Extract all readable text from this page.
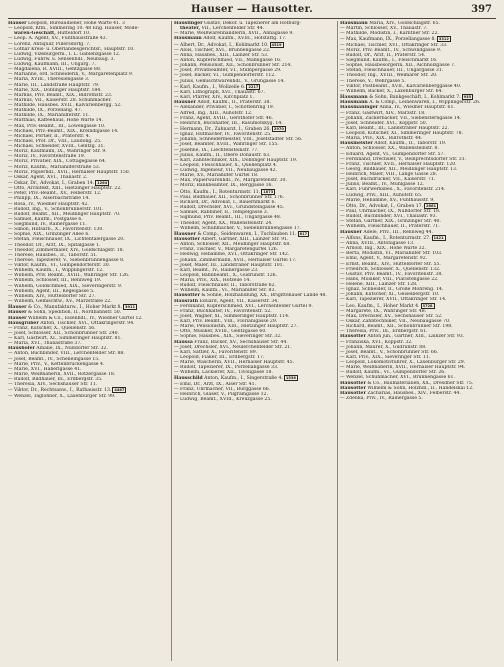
Hauser — Hausotter.	397
Hauser Leopold, Bureaudiener, Hohe Warte 41. 3
— Leopold, Kfm., Simmering 10. 48 Eng. Hauser, Mode-
waren-Geschäft, Hütteldorf 10.
— Leop. A. Agent, XV., Fünfhausstraße 43.
— Lorenz, Antiquar, Pillersdorfg. 7.
— Lothar Kreis- u. Oberlandesgerichtsr., Hauptstr. 10.
— Ludwig, Vizebürgerm., I. L. Gablenzgasse 12.
— Ludwig, Fuhrw. u. Sensenhdl., Neubaug. 3.
— Ludwig, Kaufmann, III., Ungarg. 7.
— Magdalena, R. XVIII., Gentzgasse 88.
— Marianne, ord. Schneiderin, V., Margaretenplatz 9.
— Maria, XVIII., Theresiengasse 3.
— Marie, III., Landstraße Hauptstr. 79.
— Marie, XIX., Döblinger Hauptstr. 184.
— Markus, Priv. Beamt., XIX., Billrothstr. 23.
— Markus, VII., Kaiserstr. 28. Schuhmacher.
— Mathilde, Hausbes. XVII., Kalvarienbergg. 52.
— Mathilde, IX., Porzellang. 47.
— Mathilde, IX., Mariahilferstr. 11.
— Matthias, Kaffeehaus, Hohe Warte 14.
— Max, Priv.-Beamt., III., Löwengasse 10.
— Michael, Priv.-Beamt., XIX., Kreindlgasse 14.
— Michael, Portier, II., Praterstr. 4.
— Michael, Prof. Dr., VIII., Laudong. 25.
— Michael, Schneider, XVIII., Gentzg. 31.
— Moriz, Kaufmann, IX., Währinger Str. 9.
— Moriz, IV., Favoritenstraße 19.
— Moriz, Privatier, XIX., Cottagegasse 64.
— Moriz, Kaufm., Mariahilferstraße 53.
— Moriz, Papierhdl., XVII., Hernalser Hauptstr. 150.
— Oskar, Agent, XVI., Thaliastr. 2.
— Oskar, Dr., Advokat, I., Graben 14. 1264
— Otto, Architekt, XIII., Hietzinger Hauptstr. 22.
— Peter, Priv.-Beamt., XV., Felberstr. 12.
— Philipp, IX., Alserbachstraße 14.
— Rosa, IV., Wiedner Hauptstr. 42.
— Rudolf, Ing., V., Schönbrunnerstr. 101.
— Rudolf, Beamt., XII., Meidlinger Hauptstr. 70.
— Samuel, Kaufm., Postgasse 6.
— Siegmund, IV., Rainergasse 11.
— Simon, Hilfsarb., X., Favoritenstr. 130.
— Sophie, XIX., Grinzinger Allee 6.
— Stefan, Fleischhauer, IX., Lichtentalergasse 20.
— Theodor, Dr., Arzt, IX., Spitalgasse 1.
— Theodor, Zimmermaler, XIV., Goldschlagstr. 18.
— Therese, Hausbes., II., Taborstr. 51.
— Therese, Tapezierer, V., Siebenbrunnengasse 8.
— Viktor, Kaufm., VI., Gumpendorferstr. 30.
— Wilhelm, Kaufm., I., Wipplingerstr. 12.
— Wilhelm, Priv. Beamt., XVIII., Währinger Str. 126.
— Wilhelm, Schlosser, III., Rennweg 19.
— Wilhelm, Goldschmied, XIX., Sieveringerstr. 9.
— Wilhelm, Agent, III., Kegelgasse 5.
— Wilhelm, XIV., Hütteldorfer Str. 27.
— Wilhelm, Gemischtw., XV., Märzstraße 22.
Hauser & Co., Manufakturw., I., Hoher Markt 8. 3911
Hauser & Sohn, Spedition, II., Nordbahnstr. 50.
Hauser Wilhelm & Co., Eisenhdl., IV., Wiedner Gürtel 12.
Hausgruber Anton, Tischler, XVI., Ottakringerstr. 94.
— Franz, Kutscher, X., Quellenstr. 56.
— Josef, Schlosser, XII., Schönbrunner Str. 240.
— Karl, Gastwirt, XI., Simmeringer Hauptstr. 81.
— Maria, XVI., Thaliastraße 37.
Haushofer Amalie, IX., Nußdorfer Str. 32.
— Anton, Buchbinder, VIII., Lerchenfelder Str. 88.
— Josef, Beamt., IV., Schelleingasse 15.
— Marie, Priv., V., Kettenbrückengasse 4.
— Marie, XVI., Haberlgasse 41.
— Marie, Weißnäherin, XVII., Rötzergasse 18.
— Rudolf, Bildhauer, III., Erdbergstr. 35.
— Theresia, XIV., Sechshauser Str. 11.
— Viktor, Dr., Rechtsanw., I., Rathausstr. 13. 4467
— Wenzel, Taglöhner, X., Laxenburger Str. 99.
Hauslinger Gustav, Dekor. u. Tapezierer am Hofburg-
theater, VII., Lerchenfelder Str. 44.
— Marie, Weißwarenhändlerin, XVII., Annagasse 9.
Hausmann Adolf, Kaufm., XVIII., Hofstattg. 17.
— Albert, Dr., Advokat, I., Kohlmarkt 10. 4519
— Alois, Tischler, XVI., Brunnengasse 22.
— Anna, Hausbes., XIII., Lainzer Str. 53.
— Anton, Kupferschmied, VII., Mahngasse 16.
— Johann, Pensionist, XII., Schönbrunner Str. 214.
— Josef, Privatbeamter, VI., Stumpergasse 29.
— Josef, Bäcker, VI., Gumpendorferstr. 112.
— Julius, Gemischtwarenhdl., V., Grüngasse 14.
— Karl, Kaufm., I., Wollzeile 6. 2217
— Karl, Lithograph, XVI., Thaliastr. 67.
— Karl, Pfarrer, XIV., Kirchplatz 1.
Hausner Adolf, Kaufm., II., Praterstr. 38.
— Alexander, Privatier, I., Schottenring 19.
— Alfred, Ing., XIII., Auhofstr. 12.
— Franz, Agent, XVIII., Gersthofer Str. 46.
— Heinrich, Buchhalter, III., Rasumofskyg. 14.
— Hermann, Dr., Zahnarzt, I., Graben 26. 2970
— Ignaz, Hutmacher, IV., Favoritenstr. 25.
— Johann, Schneidermeister, VIII., Josefstädter Str. 56.
— Josef, Beamter, XVIII., Währinger Str. 155.
— Josefine, IX., Liechtensteinstr. 77.
— Julius, Kaufm., II., Obere Donaustr. 63.
— Karl, Zahntechniker, XIX., Döblinger Hauptstr. 19.
— Leopold, Fleischhauer, X., Quellenplatz 4.
— Ludwig, Ingenieur, VII., Neubaugasse 42.
— Marie, XV., Mariahilfer Gürtel 18.
— Max, Papierwarenhdl., IV., Margaretenstr. 30.
— Moriz, Bankbeamter, IX., Berggasse 16.
— Otto, Kaufm., I., Rotenturmstr. 11. 1873
— Paul, Bildhauer, XII., Schönbrunner Str. 176.
— Richard, Dr., Advokat, I., Bauernmarkt 6.
— Rudolf, Drechsler, XVI., Grundsteingasse 45.
— Samuel, Rabbiner, II., Tempelgasse 3.
— Sigmund, Priv. Beamt., III., Ungargasse 48.
— Theodor, Agent, XX., Wallensteinstr. 24.
— Wilhelm, Schuhmacher, V., Siebenbrunnengasse 17.
Hausner & Comp., Seidenwaren, I., Tuchlauben 11. 817
Hausotter Albert, Gärtner, XIII., Lainzer Str. 91.
— Anton, Schlosser, XII., Meidlinger Hauptstr. 68.
— Franz, Tischler, V., Margaretengürtel 126.
— Hedwig, Hebamme, XVI., Ottakringer Str. 142.
— Johann, Zimmermann, XVII., Hernalser Gürtel 17.
— Josef, Maler, III., Landstraßer Hauptstr. 101.
— Karl, Beamt., IV., Rainergasse 23.
— Leopold, Bahnbeamt., X., Gudrunstr. 126.
— Maria, Priv., XIX., Hofzeile 14.
— Rudolf, Fleischhauer, II., Taborstraße 62.
— Wilhelm, Kaufm., VI., Mariahilfer Str. 83.
Hausotter & Söhne, Holzhandlung, XX., Brigittenauer Lände 48.
Hausrath Eduard, Agent, VII., Kaiserstr. 34.
— Ferdinand, Kupferschmied, XVI., Lerchenfelder Gürtel 9.
— Franz, Buchhalter, IV., Favoritenstr. 52.
— Josef, Wagner, XI., Simmeringer Hauptstr. 114.
— Karl, Priv. Beamt., VIII., Florianigasse 29.
— Marie, Pensionistin, XIII., Hietzinger Hauptstr. 27.
— Otto, Musiker, XVIII., Gentzgasse 60.
— Sophie, Hausbes., XIX., Sieveringer Str. 32.
Haussa Franz, Bäcker, XV., Sechshauser Str. 44.
— Josef, Drechsler, XVI., Neulerchenfelder Str. 21.
— Karl, Sattler, X., Favoritenstr. 89.
— Leopold, Fiaker, III., Erdbergstr. 17.
— Marie, Wäscherin, XVII., Hernalser Hauptstr. 45.
— Rudolf, Tapezierer, IX., Porzellangasse 33.
— Wilhelm, Lackierer, XII., Tivoligasse 18.
Hausschild Anton, Kaufm., I., Singerstraße 4. 1536
— Emil, Dr., Arzt, IX., Alser Str. 41.
— Franz, Uhrmacher, VII., Burggasse 66.
— Heinrich, Glaser, V., Pilgramgasse 12.
— Ludwig, Beamt., XVIII., Kreuzgasse 25.
Hausmann Maria, XIV., Goldschlagstr. 65.
— Martin, Schlosser, XV., Thaliastr. 7.
— Mathilde, Modistin, I., Kärntner Str. 22.
— Max, Kaufmann, IX., Porzellangasse 8. 3312
— Michael, Tischler, XVI., Ottakringer Str. 33.
— Moriz, Priv. Beamt., IV., Schwindgasse 9.
— Rudolf, Dr., Arzt, II., Praterstr. 54.
— Siegmund, Kaufm., I., Fleischmarkt 16.
— Sophie, Hausbesorgerin, XII., Aichholzgasse 7.
— Stefan, Fleischhauer, III., Ungargasse 31.
— Theodor, Ing., XVIII., Weimarer Str. 20.
— Therese, V., Wehrgasse 5.
— Viktor, Postbeamt., XVII., Kalvarienberggasse 40.
— Wilhelm, Bäcker, X., Laxenburger Str. 64.
Hausmann & Sohn, Bankgeschäft, I., Kohlmarkt 7. 955
Hausmann A. & Comp., Leinenwaren, I., Wipplingerstr. 26.
Hausmaninger Anna, IV., Wiedner Hauptstr. 61.
— Franz, Gastwirt, XIV., Märzstr. 18.
— Johann, Zuckerbäcker, VII., Siebensterngasse 14.
— Josef, Schneider, XVI., Koppstr. 50.
— Karl, Beamt., III., Landstraßer Hauptstr. 22.
— Leopold, Kutscher, XI., Simmeringer Hauptstr. 78.
— Maria, Priv., XIX., Billrothstr. 44.
Hausmeister Adolf, Kaufm., II., Taborstr. 19.
— Anton, Schlosser, XX., Wallensteinstr. 8.
— Eduard, Agent, VI., Gumpendorfer Str. 57.
— Ferdinand, Drechsler, V., Reinprechtsdorfer Str. 31.
— Franz, Tischler, XVII., Hernalser Hauptstr. 120.
— Georg, Bildhauer, XII., Meidlinger Hauptstr. 13.
— Heinrich, Maler, VIII., Lange Gasse 28.
— Josef, Buchdrucker, VII., Kaiserstr. 71.
— Julius, Beamt., IV., Mühlgasse 12.
— Karl, Fuhrwerksbes., X., Favoritenstr. 214.
— Ludwig, Priv., XIII., Auhofstr. 65.
— Marie, Hebamme, XV., Fünfhausstr. 9.
— Otto, Dr., Advokat, I., Graben 17. 2661
— Paul, Uhrmacher, IX., Nußdorfer Str. 18.
— Rudolf, Buchbinder, XVI., Thaliastr. 93.
— Stefan, Gärtner, XIX., Grinzinger Str. 40.
— Wilhelm, Fleischhauer, II., Praterstr. 71.
Hausner Adele, Priv., III., Rennweg 44.
— Alfons, Kaufm., I., Rotenturmstr. 27. 1421
— Anna, XVIII., Antonigasse 13.
— Arnold, Ing., XIX., Hohe Warte 32.
— Berta, Modistin, VI., Mariahilfer Str. 103.
— Emil, Agent, V., Margaretenstr. 92.
— Ernst, Beamt., XIV., Hütteldorfer Str. 55.
— Friedrich, Schlosser, X., Quellenstr. 132.
— Gustav, Priv. Beamt., IV., Favoritenstr. 38.
— Hans, Musiker, VIII., Piaristengasse 22.
— Helene, XIII., Lainzer Str. 128.
— Ignaz, Schneider, II., Große Mohreng. 14.
— Johann, Kutscher, XI., Geiselbergstr. 10.
— Karl, Tapezierer, XVII., Ottakringer Str. 14.
— Leo, Kaufm., I., Hoher Markt 4. 3728
— Margarete, IX., Währinger Str. 48.
— Max, Drechsler, XV., Sechshauser Str. 52.
— Oskar, Zahntechniker, VII., Neubaugasse 70.
— Richard, Beamt., XII., Schönbrunner Str. 198.
— Theresia, Priv., III., Erdbergstr. 61.
Hausotter Anton jun., Gärtner, XIII., Lainzer Str. 93.
— Franziska, XVI., Koppstr. 32.
— Johann, Maurer, X., Gudrunstr. 88.
— Josef, Beamt., V., Schönbrunner Str. 66.
— Karl, Priv., XIX., Sieveringer Str. 11.
— Leopold, Lokomotivführer, X., Laxenburger Str. 29.
— Marie, Weißnäherin, XVII., Hernalser Hauptstr. 94.
— Rudolf, Kaufm., VI., Gumpendorfer Str. 26.
— Wenzel, Schuhmacher, XVI., Brunnengasse 61.
Hausotter & Co., Baumaterialien, XX., Dresdner Str. 75.
Hausotter Wilhelm & Sohn, Holzhdl., II., Handelskai 12.
Hausotter Zacharias, Hausbes., XIV., Felberstr. 44.
— Zdenka, Priv., IV., Rainergasse 5.
